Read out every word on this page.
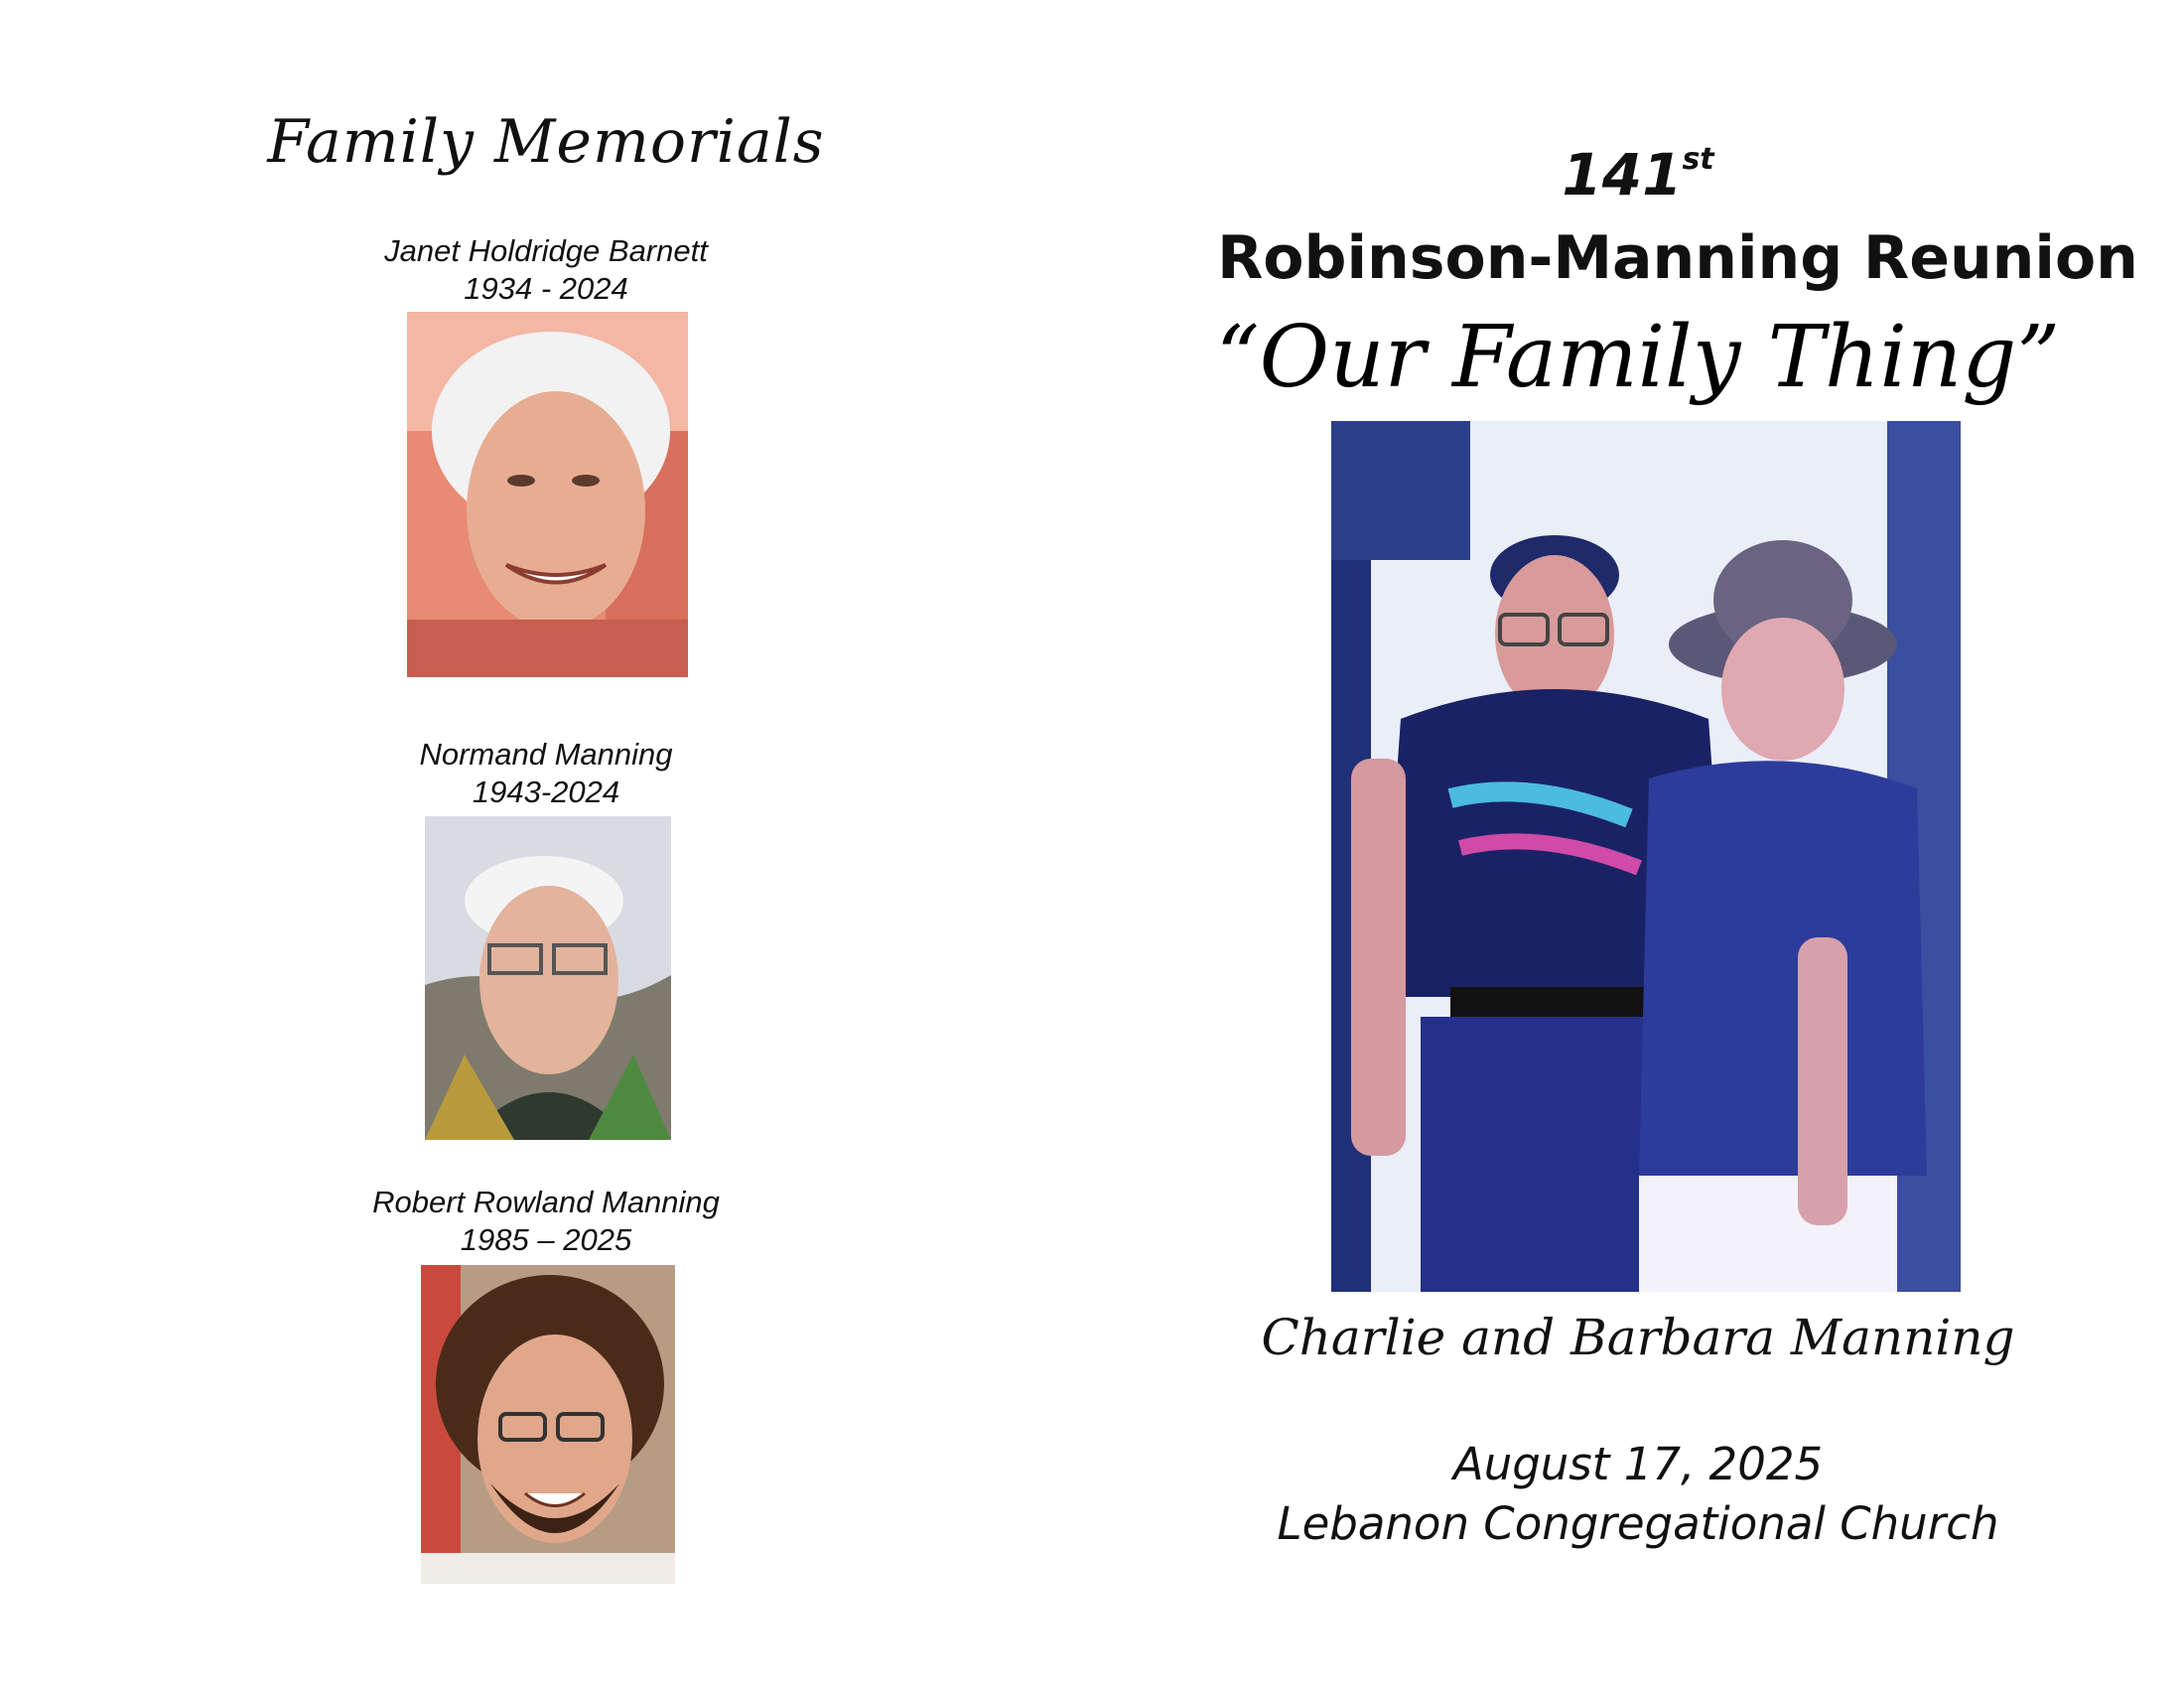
Family Memorials
Janet Holdridge Barnett
1934 - 2024
Normand Manning
1943-2024
Robert Rowland Manning
1985 – 2025
141st
Robinson-Manning Reunion
“Our Family Thing”
Charlie and Barbara Manning
August 17, 2025
Lebanon Congregational Church
